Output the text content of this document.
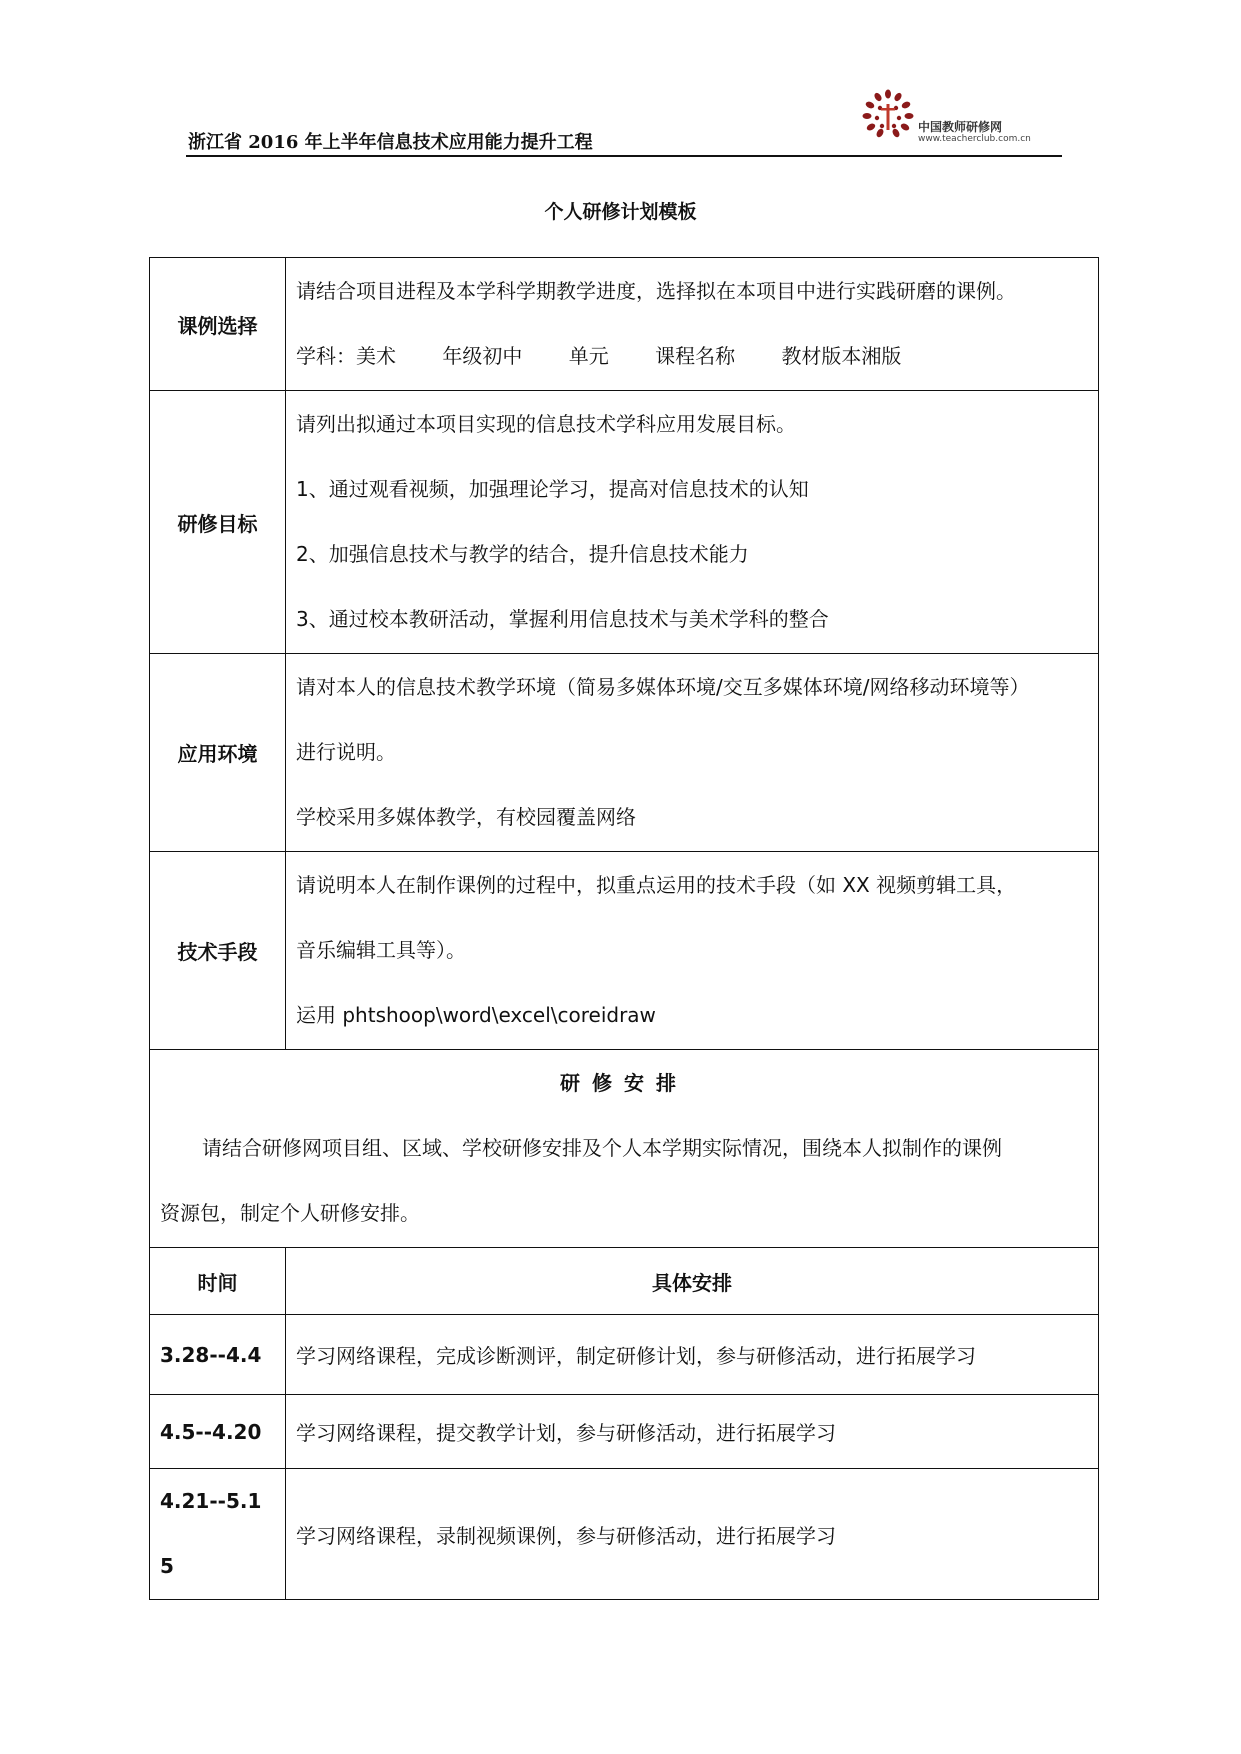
浙江省 2016 年上半年信息技术应用能力提升工程
中国教师研修网
www.teacherclub.com.cn
个人研修计划模板
课例选择	请结合项目进程及本学科学期教学进度，选择拟在本项目中进行实践研磨的课例。
学科：美术 年级初中 单元 课程名称 教材版本湘版

研修目标	请列出拟通过本项目实现的信息技术学科应用发展目标。
1、通过观看视频，加强理论学习，提高对信息技术的认知
2、加强信息技术与教学的结合，提升信息技术能力
3、通过校本教研活动，掌握利用信息技术与美术学科的整合

应用环境	请对本人的信息技术教学环境（简易多媒体环境/交互多媒体环境/网络移动环境等）
进行说明。
学校采用多媒体教学，有校园覆盖网络

技术手段	请说明本人在制作课例的过程中，拟重点运用的技术手段（如 XX 视频剪辑工具，
音乐编辑工具等）。
运用 phtshoop\word\excel\coreidraw

研修安排
请结合研修网项目组、区域、学校研修安排及个人本学期实际情况，围绕本人拟制作的课例
资源包，制定个人研修安排。	

时间	具体安排
3.28--4.4	学习网络课程，完成诊断测评，制定研修计划，参与研修活动，进行拓展学习
4.5--4.20	学习网络课程，提交教学计划，参与研修活动，进行拓展学习

4.21--5.1
5	学习网络课程，录制视频课例，参与研修活动，进行拓展学习
